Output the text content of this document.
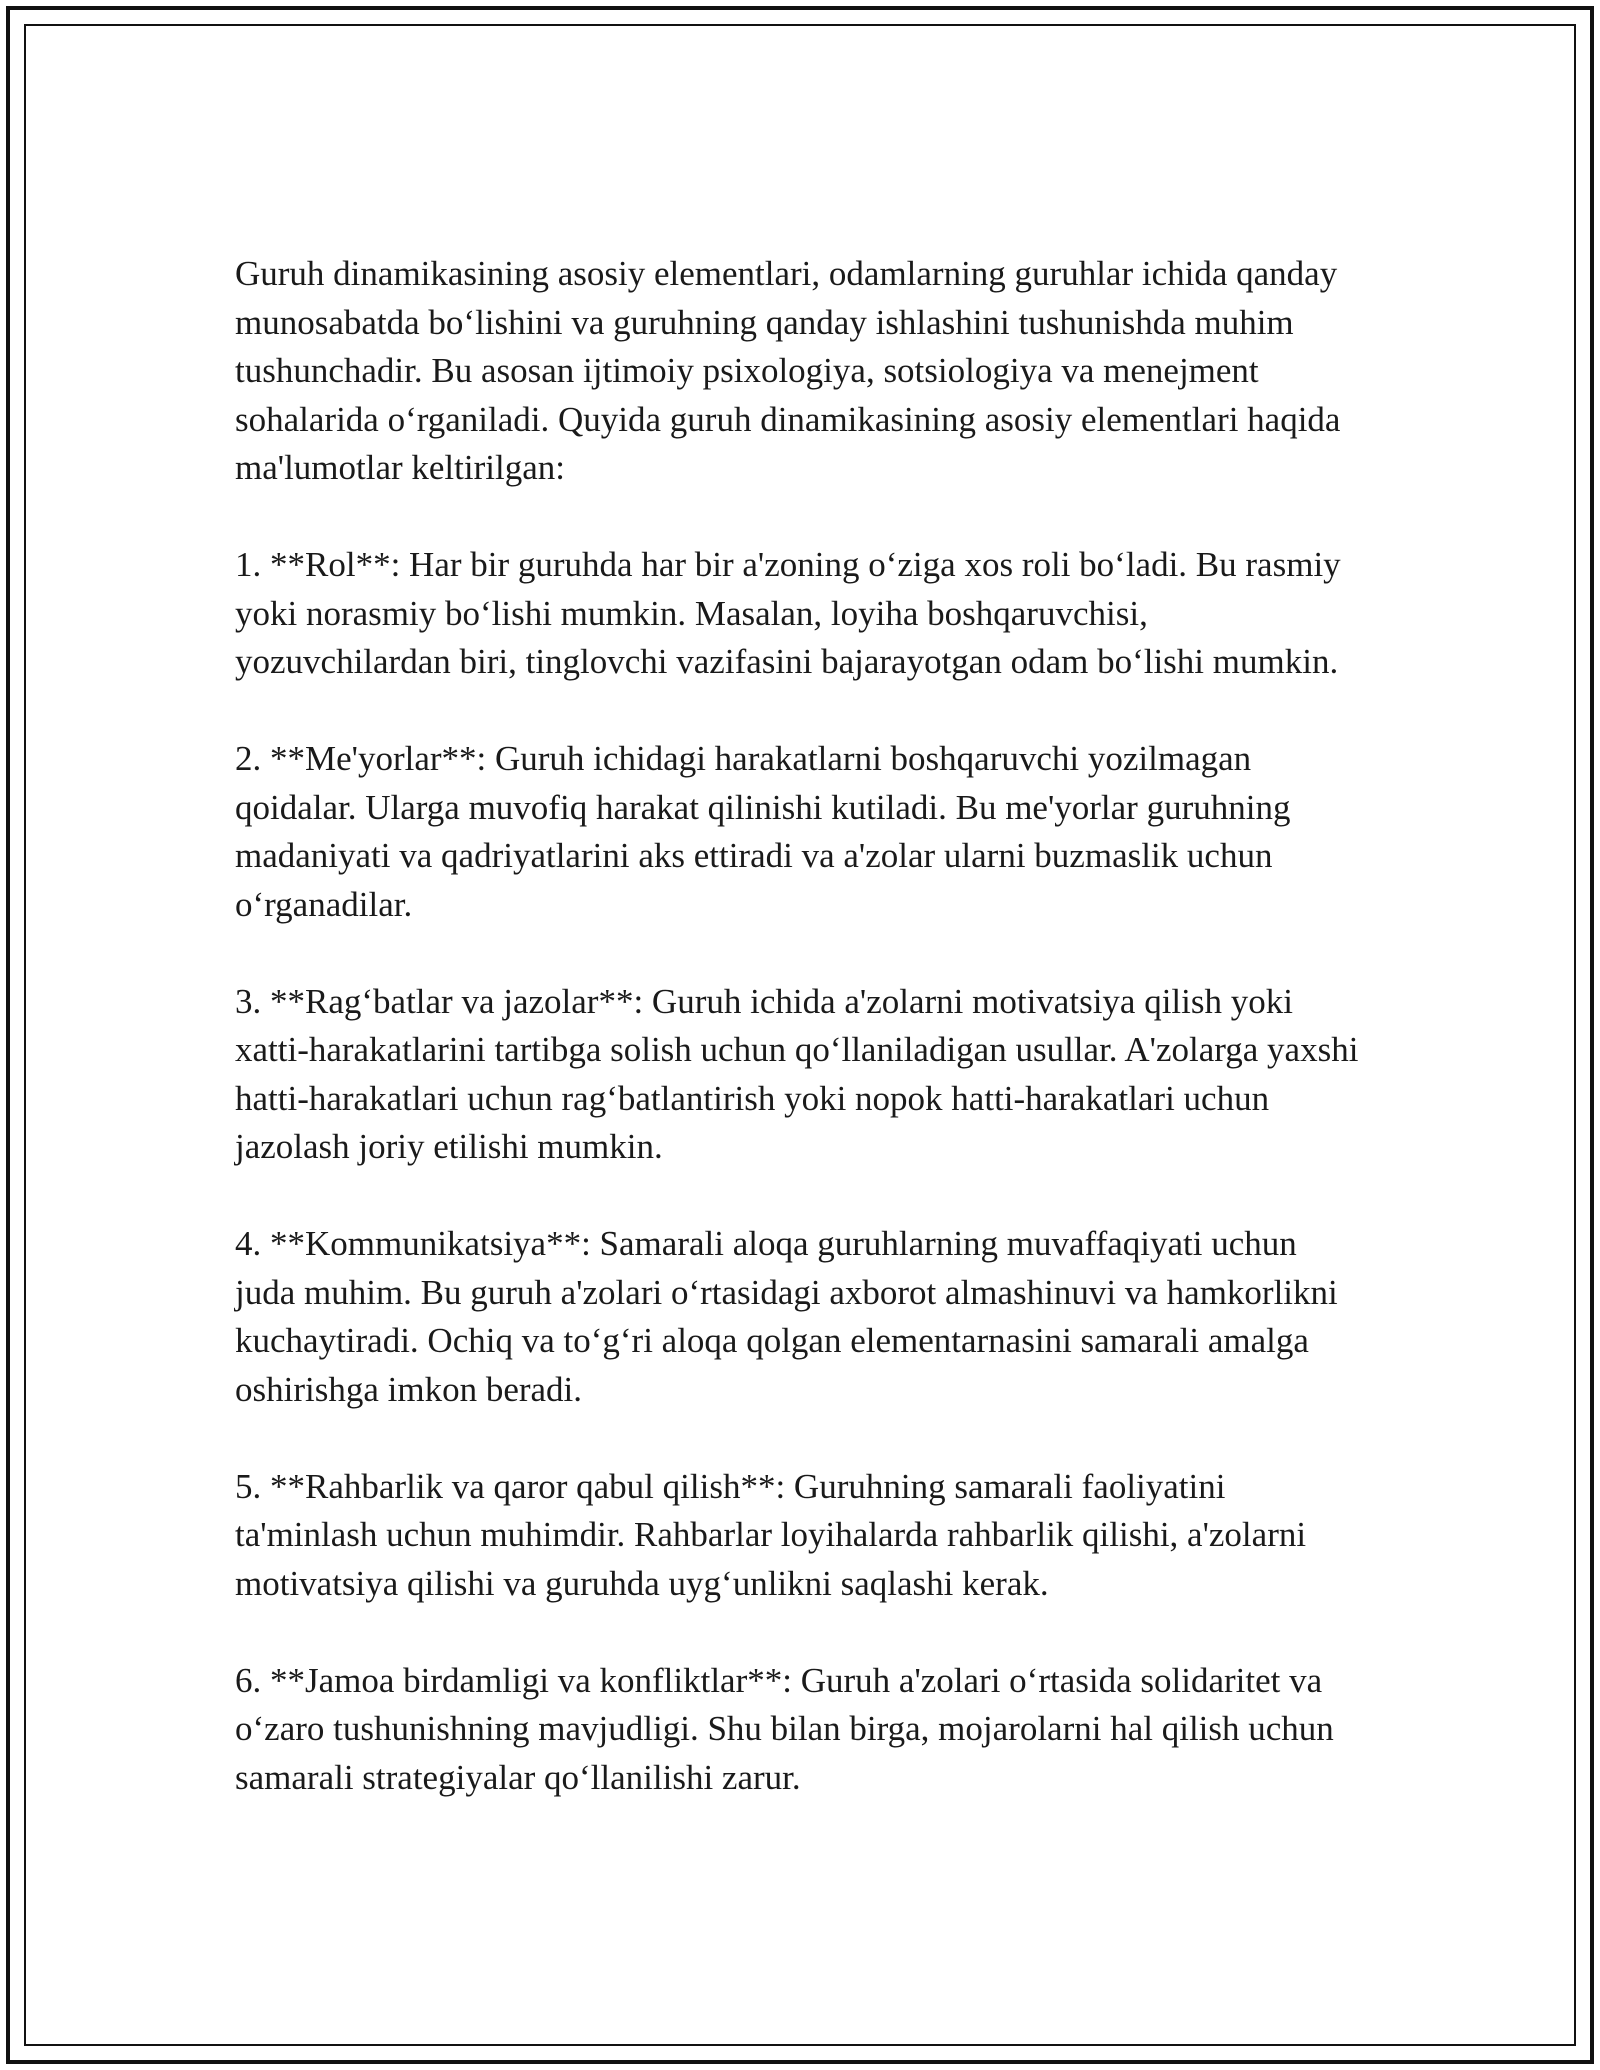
Guruh dinamikasining asosiy elementlari, odamlarning guruhlar ichida qanday munosabatda bo‘lishini va guruhning qanday ishlashini tushunishda muhim tushunchadir. Bu asosan ijtimoiy psixologiya, sotsiologiya va menejment sohalarida o‘rganiladi. Quyida guruh dinamikasining asosiy elementlari haqida ma'lumotlar keltirilgan:

1. **Rol**: Har bir guruhda har bir a'zoning o‘ziga xos roli bo‘ladi. Bu rasmiy yoki norasmiy bo‘lishi mumkin. Masalan, loyiha boshqaruvchisi, yozuvchilardan biri, tinglovchi vazifasini bajarayotgan odam bo‘lishi mumkin.

2. **Me'yorlar**: Guruh ichidagi harakatlarni boshqaruvchi yozilmagan qoidalar. Ularga muvofiq harakat qilinishi kutiladi. Bu me'yorlar guruhning madaniyati va qadriyatlarini aks ettiradi va a'zolar ularni buzmaslik uchun o‘rganadilar.

3. **Rag‘batlar va jazolar**: Guruh ichida a'zolarni motivatsiya qilish yoki xatti-harakatlarini tartibga solish uchun qo‘llaniladigan usullar. A'zolarga yaxshi hatti-harakatlari uchun rag‘batlantirish yoki nopok hatti-harakatlari uchun jazolash joriy etilishi mumkin.

4. **Kommunikatsiya**: Samarali aloqa guruhlarning muvaffaqiyati uchun juda muhim. Bu guruh a'zolari o‘rtasidagi axborot almashinuvi va hamkorlikni kuchaytiradi. Ochiq va to‘g‘ri aloqa qolgan elementarnasini samarali amalga oshirishga imkon beradi.

5. **Rahbarlik va qaror qabul qilish**: Guruhning samarali faoliyatini ta'minlash uchun muhimdir. Rahbarlar loyihalarda rahbarlik qilishi, a'zolarni motivatsiya qilishi va guruhda uyg‘unlikni saqlashi kerak.

6. **Jamoa birdamligi va konfliktlar**: Guruh a'zolari o‘rtasida solidaritet va o‘zaro tushunishning mavjudligi. Shu bilan birga, mojarolarni hal qilish uchun samarali strategiyalar qo‘llanilishi zarur.
